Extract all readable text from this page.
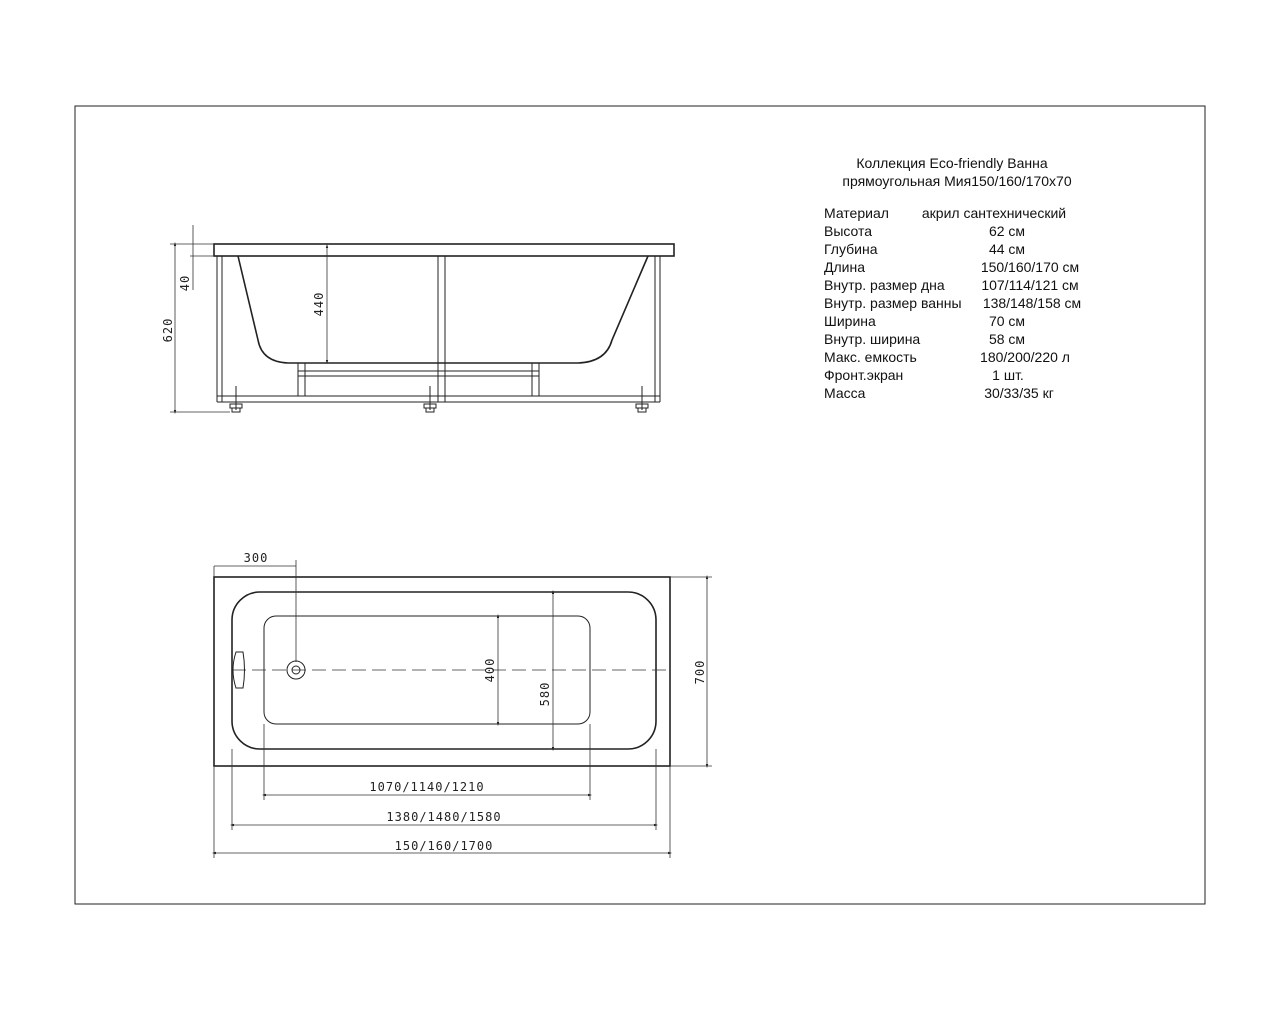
Коллекция Eco-friendly Ванна
прямоугольная Мия150/160/170x70
Материал акрил сантехнический
Высота	62 см
Глубина	44 см
Длина	150/160/170 см
Внутр. размер дна	107/114/121 см
Внутр. размер ванны 138/148/158 см
Ширина	70 см
Внутр. ширина	58 см
Макс. емкость	180/200/220 л
Фронт.экран	1 шт.
Масса	30/33/35 кг
620
40
440
300
400
580
700
1070/1140/1210
1380/1480/1580
150/160/1700
